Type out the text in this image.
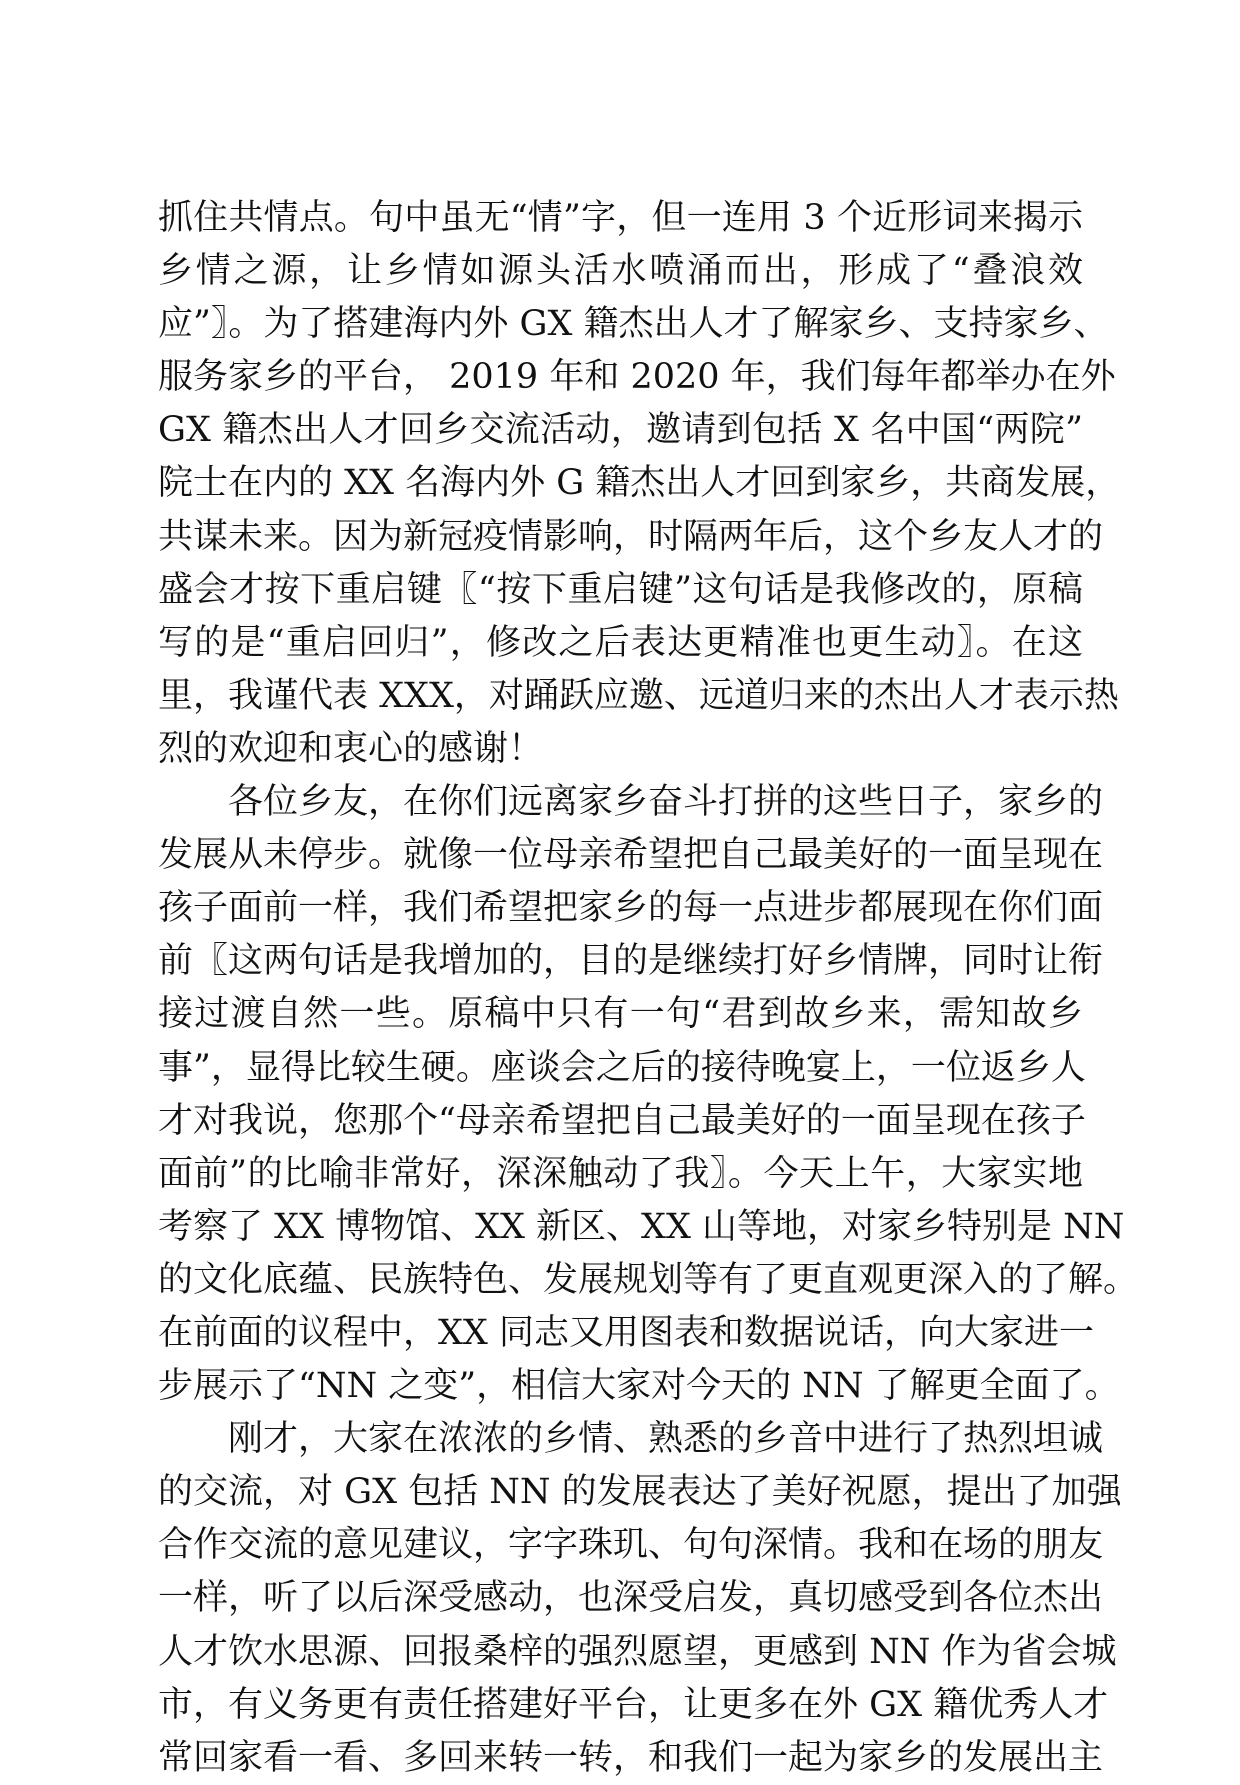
抓住共情点。句中虽无“情”字，但一连用 3 个近形词来揭示
乡情之源，让乡情如源头活水喷涌而出，形成了“叠浪效
应”〗。为了搭建海内外 GX 籍杰出人才了解家乡、支持家乡、
服务家乡的平台， 2019 年和 2020 年，我们每年都举办在外
GX 籍杰出人才回乡交流活动，邀请到包括 X 名中国“两院”
院士在内的 XX 名海内外 G 籍杰出人才回到家乡，共商发展，
共谋未来。因为新冠疫情影响，时隔两年后，这个乡友人才的
盛会才按下重启键〖“按下重启键”这句话是我修改的，原稿
写的是“重启回归”，修改之后表达更精准也更生动〗。在这
里，我谨代表 XXX，对踊跃应邀、远道归来的杰出人才表示热
烈的欢迎和衷心的感谢！
　　各位乡友，在你们远离家乡奋斗打拼的这些日子，家乡的
发展从未停步。就像一位母亲希望把自己最美好的一面呈现在
孩子面前一样，我们希望把家乡的每一点进步都展现在你们面
前〖这两句话是我增加的，目的是继续打好乡情牌，同时让衔
接过渡自然一些。原稿中只有一句“君到故乡来，需知故乡
事”，显得比较生硬。座谈会之后的接待晚宴上，一位返乡人
才对我说，您那个“母亲希望把自己最美好的一面呈现在孩子
面前”的比喻非常好，深深触动了我〗。今天上午，大家实地
考察了 XX 博物馆、XX 新区、XX 山等地，对家乡特别是 NN
的文化底蕴、民族特色、发展规划等有了更直观更深入的了解。
在前面的议程中，XX 同志又用图表和数据说话，向大家进一
步展示了“NN 之变”，相信大家对今天的 NN 了解更全面了。
　　刚才，大家在浓浓的乡情、熟悉的乡音中进行了热烈坦诚
的交流，对 GX 包括 NN 的发展表达了美好祝愿，提出了加强
合作交流的意见建议，字字珠玑、句句深情。我和在场的朋友
一样，听了以后深受感动，也深受启发，真切感受到各位杰出
人才饮水思源、回报桑梓的强烈愿望，更感到 NN 作为省会城
市，有义务更有责任搭建好平台，让更多在外 GX 籍优秀人才
常回家看一看、多回来转一转，和我们一起为家乡的发展出主
